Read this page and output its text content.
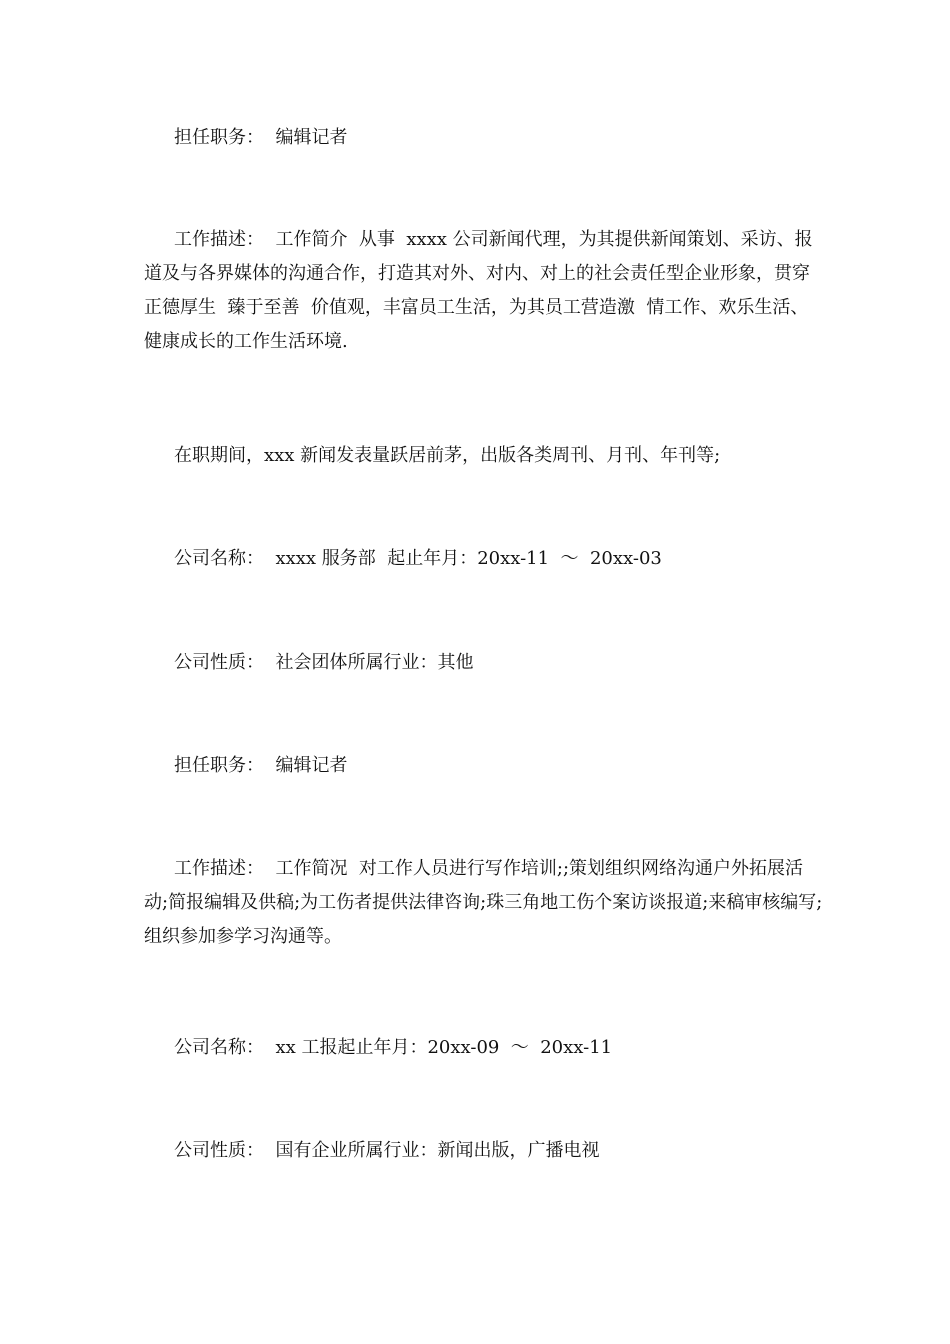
担任职务：  编辑记者

工作描述：  工作简介  从事  xxxx 公司新闻代理，为其提供新闻策划、采访、报道及与各界媒体的沟通合作，打造其对外、对内、对上的社会责任型企业形象，贯穿  正德厚生  臻于至善  价值观，丰富员工生活，为其员工营造激  情工作、欢乐生活、健康成长的工作生活环境.

在职期间，xxx 新闻发表量跃居前茅，出版各类周刊、月刊、年刊等;

公司名称：  xxxx 服务部  起止年月：20xx-11  ～  20xx-03

公司性质：  社会团体所属行业：其他

担任职务：  编辑记者

工作描述：  工作简况  对工作人员进行写作培训;;策划组织网络沟通户外拓展活动;简报编辑及供稿;为工伤者提供法律咨询;珠三角地工伤个案访谈报道;来稿审核编写;组织参加参学习沟通等。

公司名称：  xx 工报起止年月：20xx-09  ～  20xx-11

公司性质：  国有企业所属行业：新闻出版，广播电视
